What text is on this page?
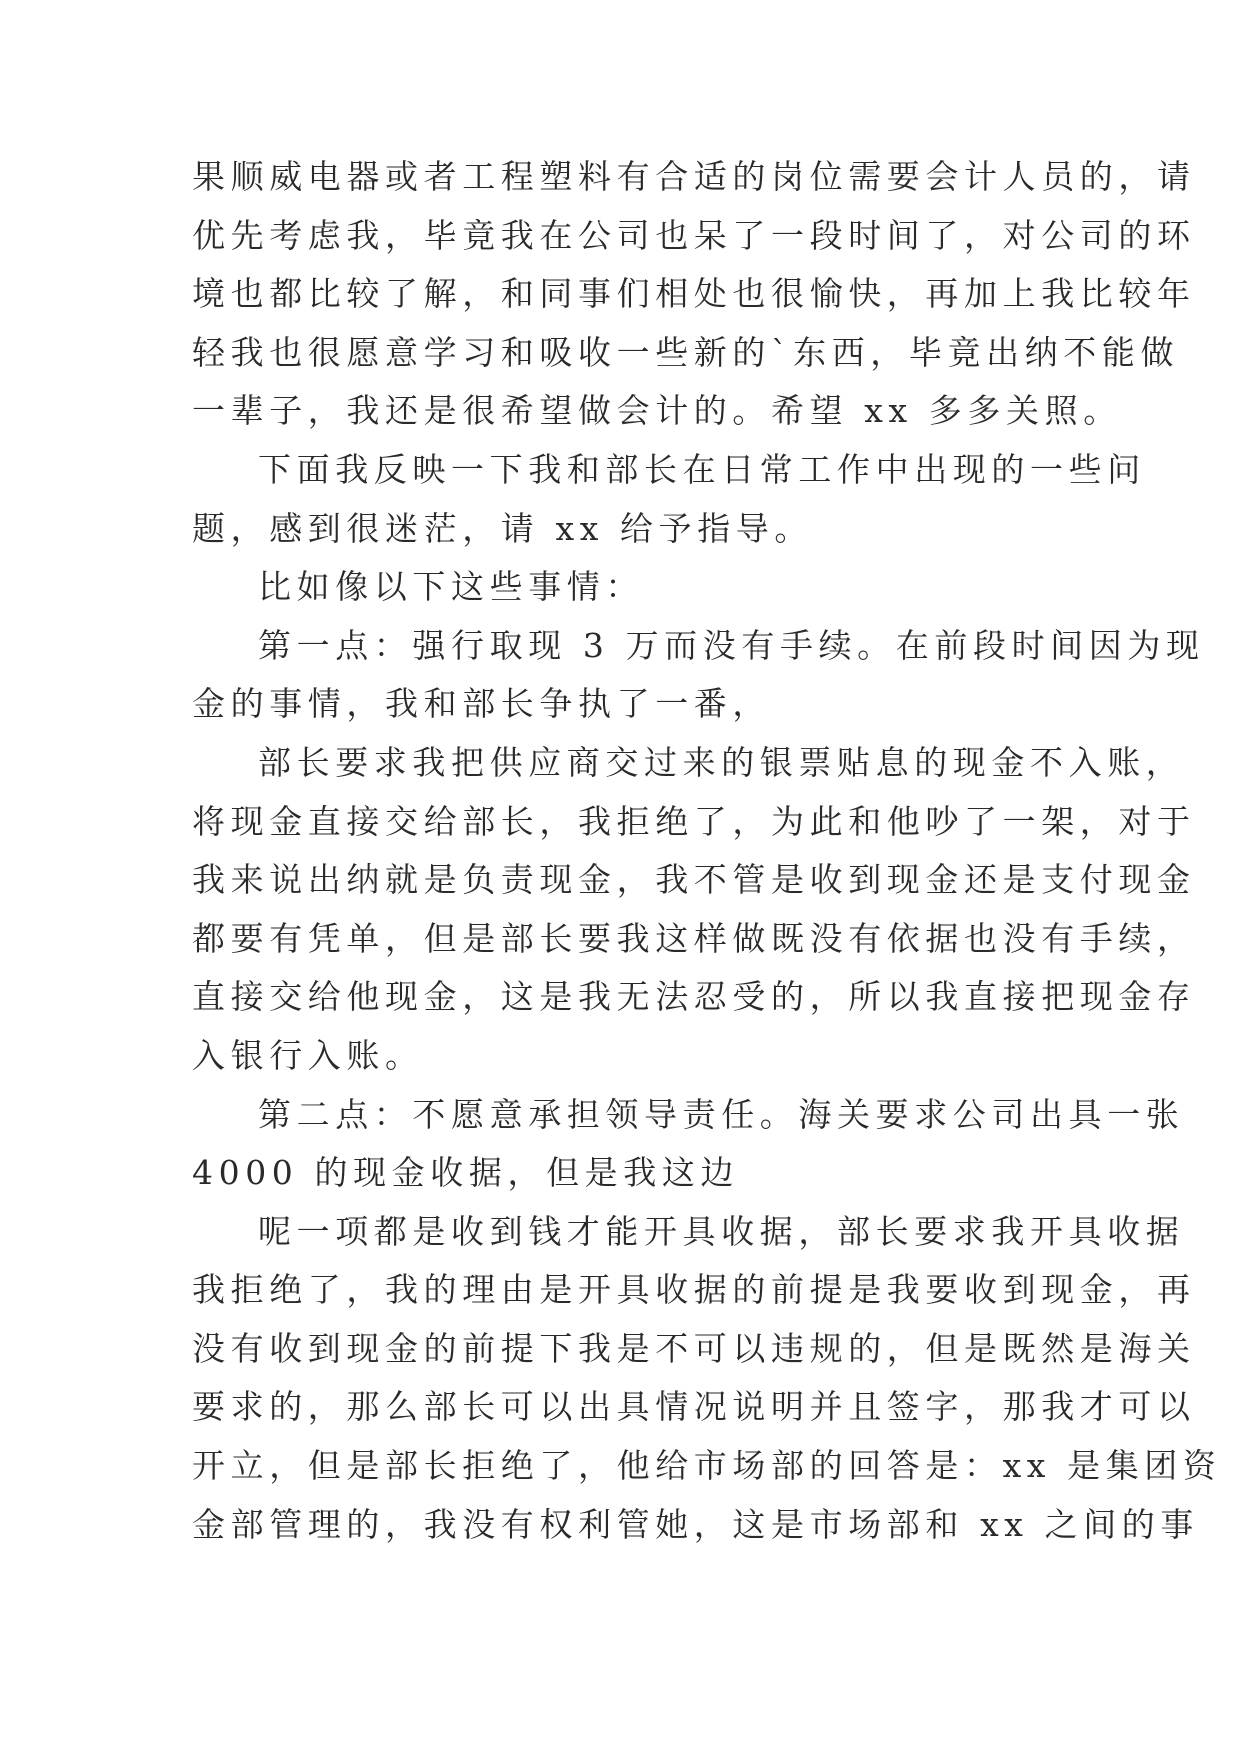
果顺威电器或者工程塑料有合适的岗位需要会计人员的，请
优先考虑我，毕竟我在公司也呆了一段时间了，对公司的环
境也都比较了解，和同事们相处也很愉快，再加上我比较年
轻我也很愿意学习和吸收一些新的`东西，毕竟出纳不能做
一辈子，我还是很希望做会计的。希望 xx 多多关照。
下面我反映一下我和部长在日常工作中出现的一些问
题，感到很迷茫，请 xx 给予指导。
比如像以下这些事情：
第一点：强行取现 3 万而没有手续。在前段时间因为现
金的事情，我和部长争执了一番，
部长要求我把供应商交过来的银票贴息的现金不入账，
将现金直接交给部长，我拒绝了，为此和他吵了一架，对于
我来说出纳就是负责现金，我不管是收到现金还是支付现金
都要有凭单，但是部长要我这样做既没有依据也没有手续，
直接交给他现金，这是我无法忍受的，所以我直接把现金存
入银行入账。
第二点：不愿意承担领导责任。海关要求公司出具一张
4000 的现金收据，但是我这边
呢一项都是收到钱才能开具收据，部长要求我开具收据
我拒绝了，我的理由是开具收据的前提是我要收到现金，再
没有收到现金的前提下我是不可以违规的，但是既然是海关
要求的，那么部长可以出具情况说明并且签字，那我才可以
开立，但是部长拒绝了，他给市场部的回答是：xx 是集团资
金部管理的，我没有权利管她，这是市场部和 xx 之间的事
